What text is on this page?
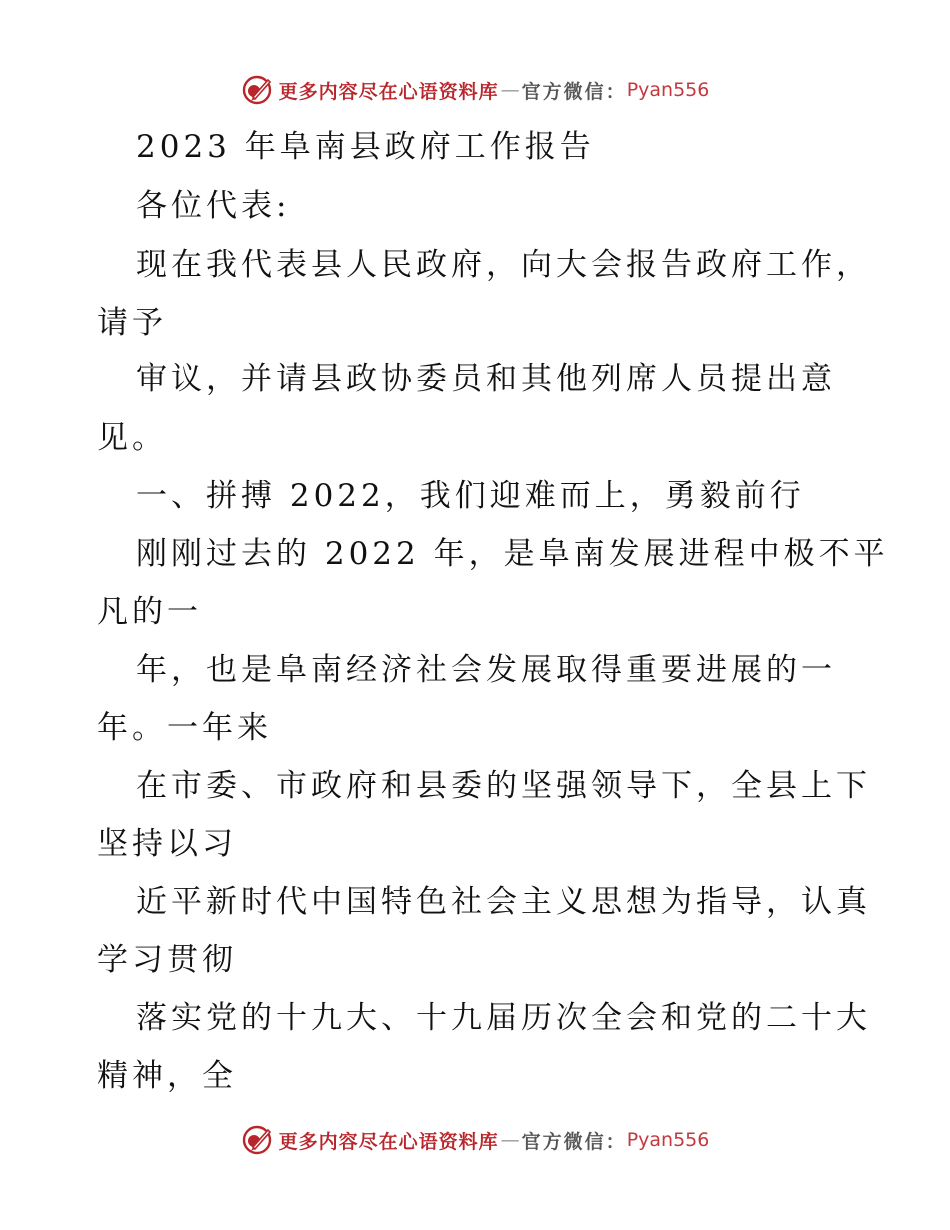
更多内容尽在心语资料库 — 官方微信： Pyan556
2023 年阜南县政府工作报告
各位代表:
现在我代表县人民政府，向大会报告政府工作，
请予
审议，并请县政协委员和其他列席人员提出意
见。
一、拼搏 2022，我们迎难而上，勇毅前行
刚刚过去的 2022 年，是阜南发展进程中极不平
凡的一
年，也是阜南经济社会发展取得重要进展的一
年。一年来
在市委、市政府和县委的坚强领导下，全县上下
坚持以习
近平新时代中国特色社会主义思想为指导，认真
学习贯彻
落实党的十九大、十九届历次全会和党的二十大
精神，全
更多内容尽在心语资料库 — 官方微信： Pyan556
